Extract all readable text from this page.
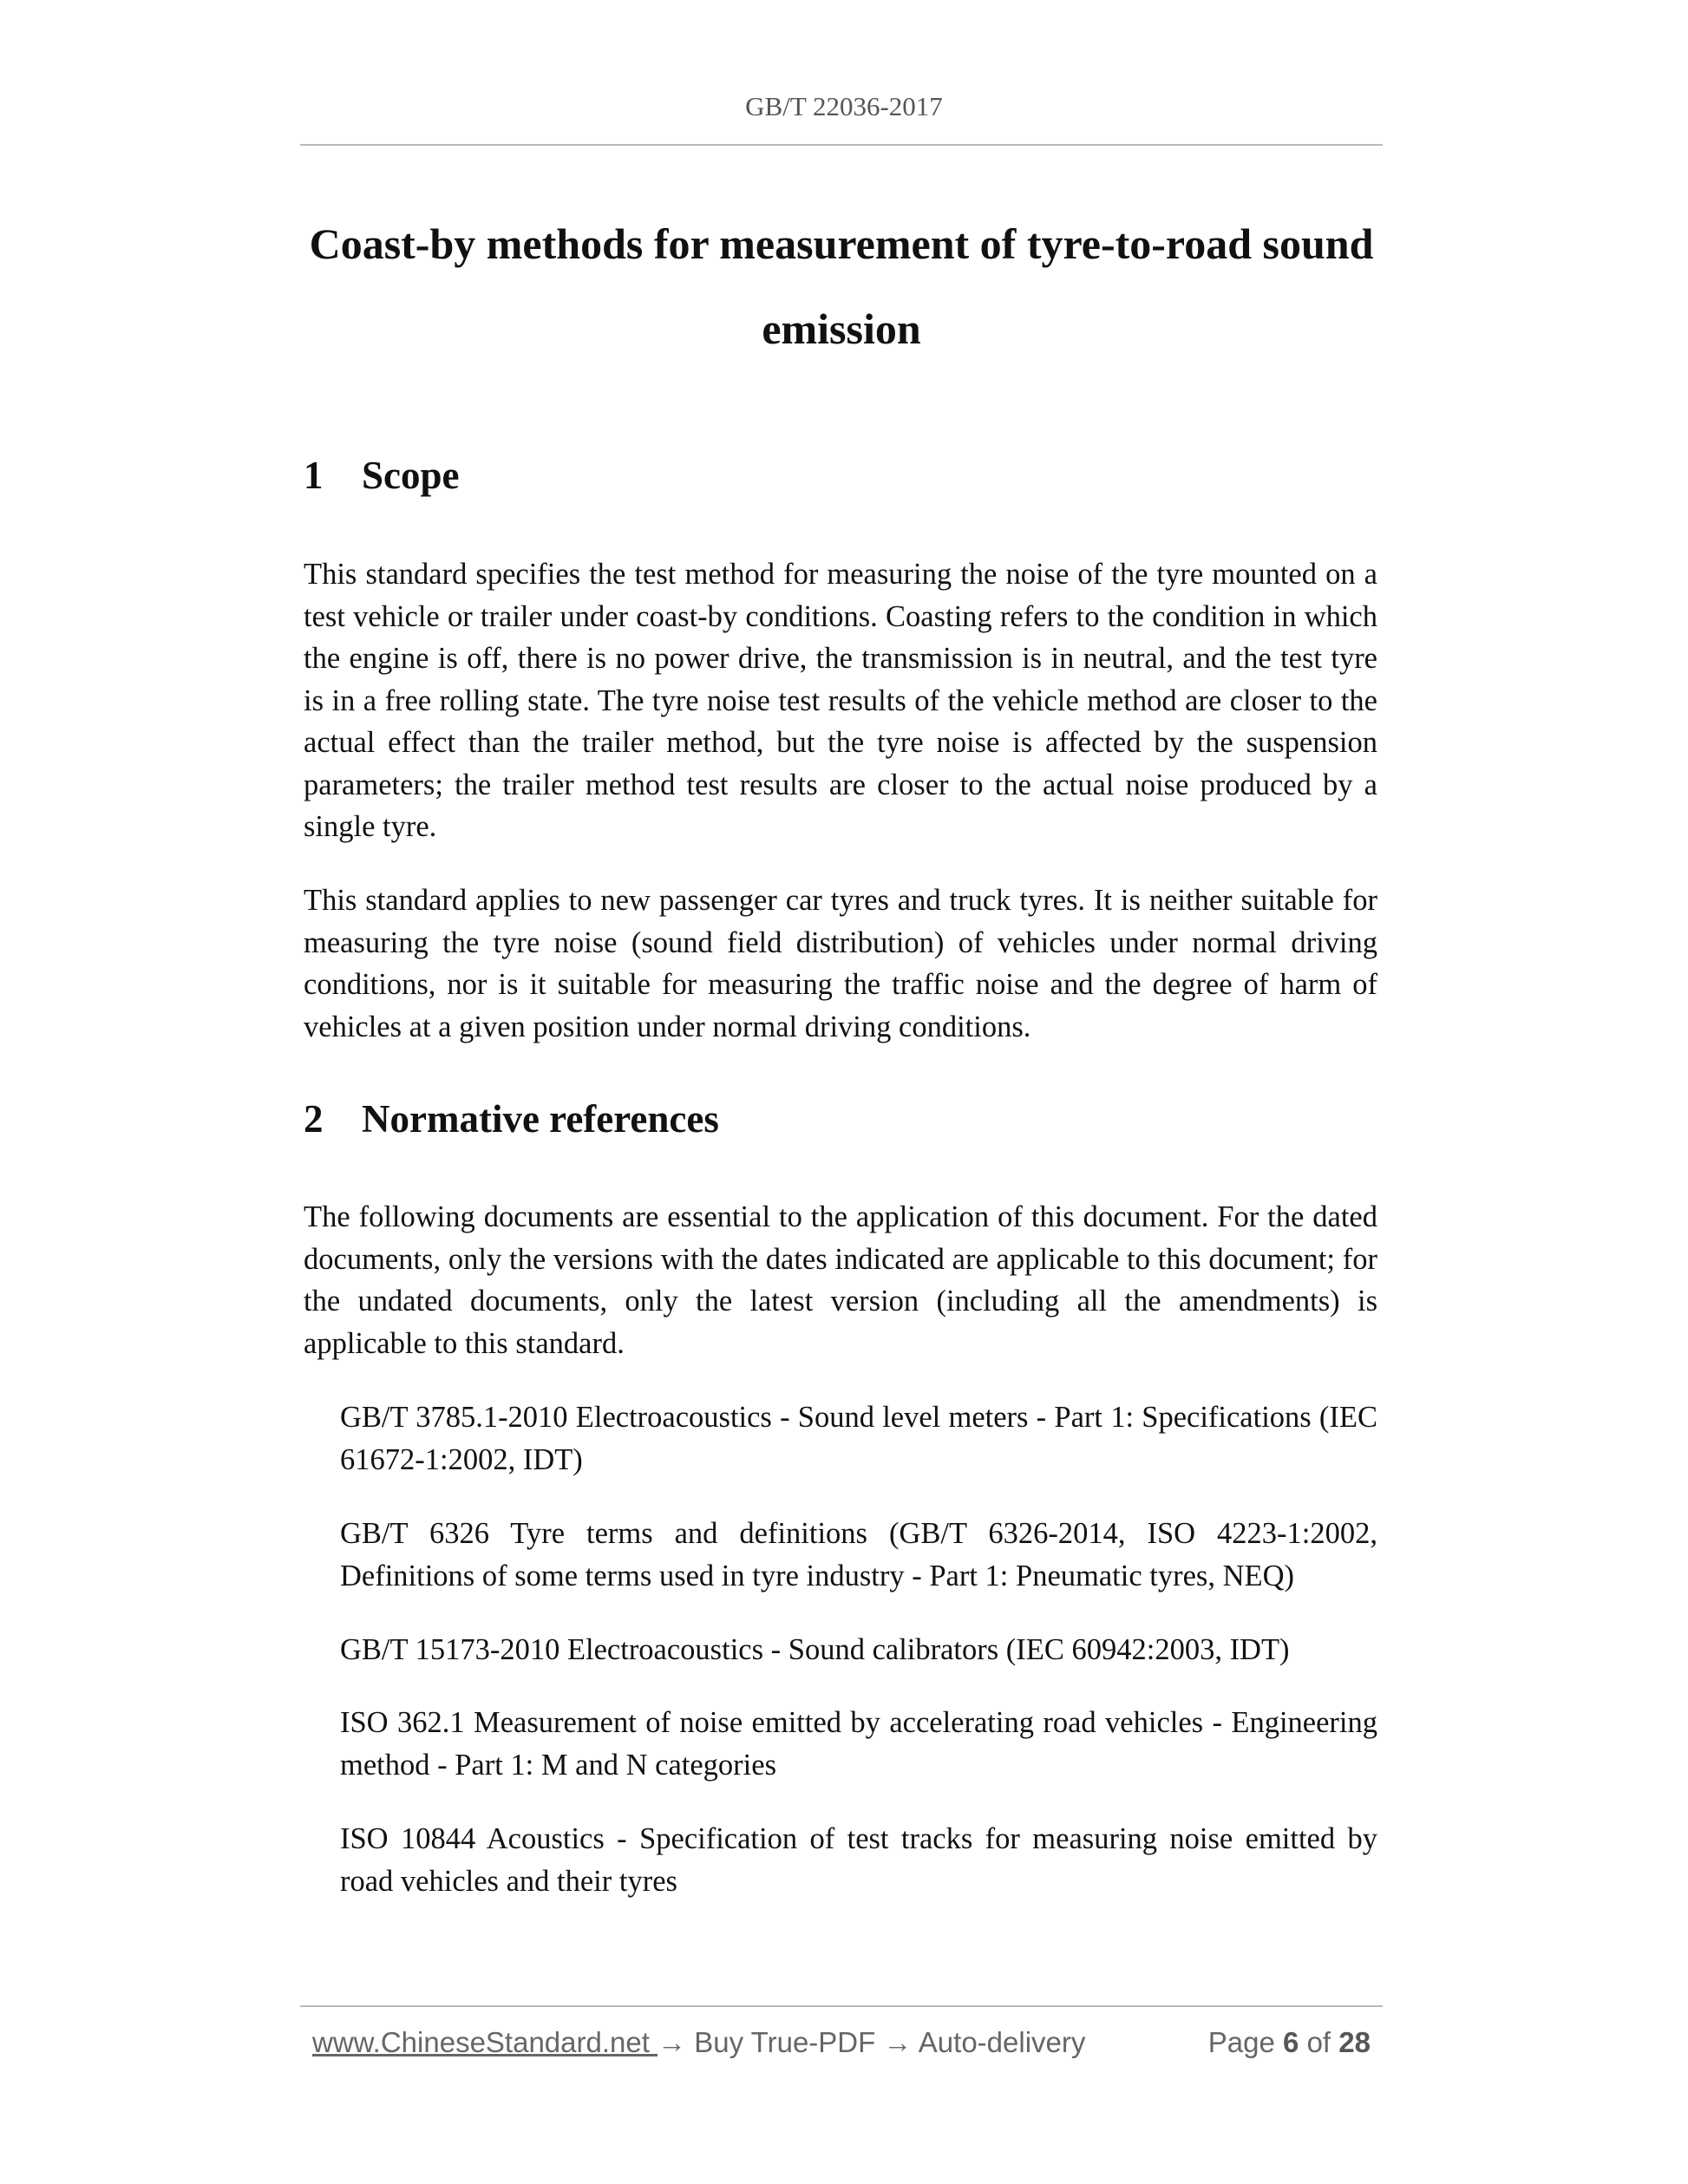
GB/T 22036-2017
Coast-by methods for measurement of tyre-to-road sound emission
1 Scope

This standard specifies the test method for measuring the noise of the tyre mounted on a test vehicle or trailer under coast-by conditions. Coasting refers to the condition in which the engine is off, there is no power drive, the transmission is in neutral, and the test tyre is in a free rolling state. The tyre noise test results of the vehicle method are closer to the actual effect than the trailer method, but the tyre noise is affected by the suspension parameters; the trailer method test results are closer to the actual noise produced by a single tyre.

This standard applies to new passenger car tyres and truck tyres. It is neither suitable for measuring the tyre noise (sound field distribution) of vehicles under normal driving conditions, nor is it suitable for measuring the traffic noise and the degree of harm of vehicles at a given position under normal driving conditions.

2 Normative references

The following documents are essential to the application of this document. For the dated documents, only the versions with the dates indicated are applicable to this document; for the undated documents, only the latest version (including all the amendments) is applicable to this standard.

GB/T 3785.1-2010 Electroacoustics - Sound level meters - Part 1: Specifications (IEC 61672-1:2002, IDT)

GB/T 6326 Tyre terms and definitions (GB/T 6326-2014, ISO 4223-1:2002, Definitions of some terms used in tyre industry - Part 1: Pneumatic tyres, NEQ)

GB/T 15173-2010 Electroacoustics - Sound calibrators (IEC 60942:2003, IDT)

ISO 362.1 Measurement of noise emitted by accelerating road vehicles - Engineering method - Part 1: M and N categories

ISO 10844 Acoustics - Specification of test tracks for measuring noise emitted by road vehicles and their tyres

www.ChineseStandard.net → Buy True-PDF → Auto-delivery	Page 6 of 28
